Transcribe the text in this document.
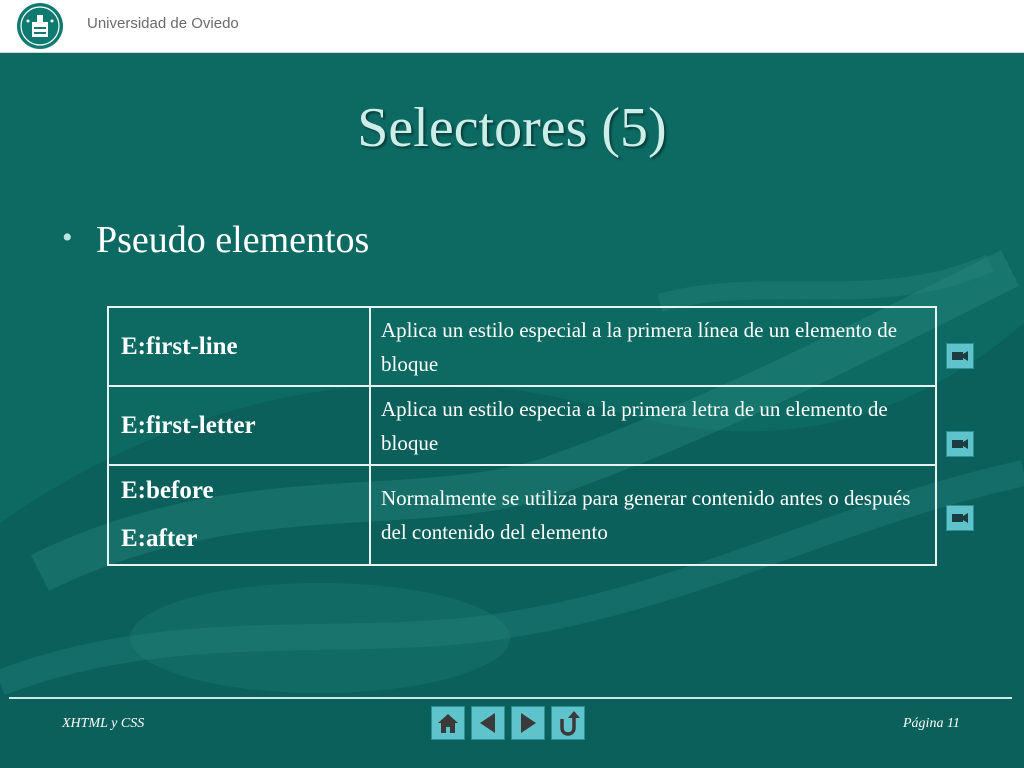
Universidad de Oviedo
Selectores (5)
• Pseudo elementos
E:first-line	Aplica un estilo especial a la primera línea de un elemento de bloque

E:first-letter	Aplica un estilo especia a la primera letra de un elemento de bloque

E:before
E:after	Normalmente se utiliza para generar contenido antes o después del contenido del elemento
XHTML y CSS	Página 11
